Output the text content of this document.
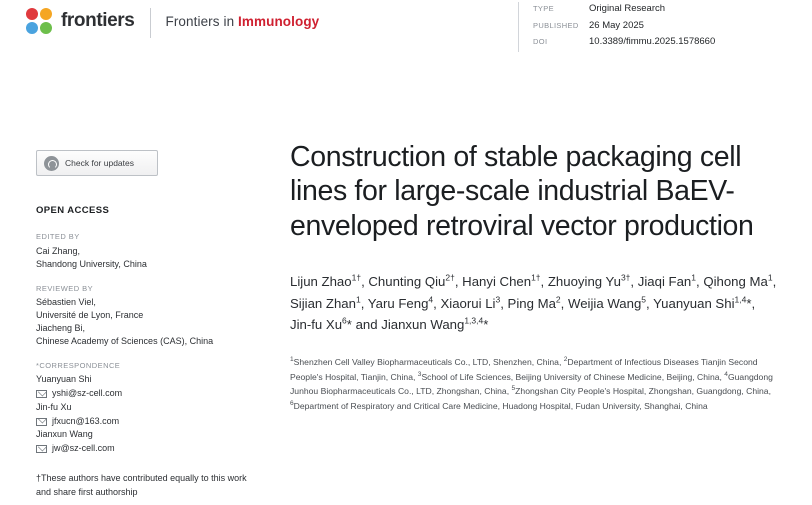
frontiers Frontiers in Immunology
TYPE	Original Research
PUBLISHED	26 May 2025
DOI	10.3389/fimmu.2025.1578660
Check for updates
OPEN ACCESS
EDITED BY
Cai Zhang,
Shandong University, China
REVIEWED BY
Sébastien Viel,
Université de Lyon, France
Jiacheng Bi,
Chinese Academy of Sciences (CAS), China
*CORRESPONDENCE
Yuanyuan Shi
yshi@sz-cell.com
Jin-fu Xu
jfxucn@163.com
Jianxun Wang
jw@sz-cell.com
†These authors have contributed equally to this work and share first authorship
Construction of stable packaging cell lines for large-scale industrial BaEV-enveloped retroviral vector production
Lijun Zhao$^{1\dagger}$, Chunting Qiu$^{2\dagger}$, Hanyi Chen$^{1\dagger}$, Zhuoying $Yu^{3\dagger}$, Jiaqi Fan$^1$, Qihong Ma$^1$, Sijian Zhan$^1$, Yaru Feng$^4$, Xiaorui Li$^3$, Ping Ma$^2$, Weijia Wang$^5$, Yuanyuan Shi$^{1,4}$*, Jin-fu Xu$^6$* and Jianxun Wang$^{1,3,4}$*
$^1$Shenzhen Cell Valley Biopharmaceuticals Co., LTD, Shenzhen, China, $^2$Department of Infectious Diseases Tianjin Second People's Hospital, Tianjin, China, $^3$School of Life Sciences, Beijing University of Chinese Medicine, Beijing, China, $^4$Guangdong Junhou Biopharmaceuticals Co., LTD, Zhongshan, China, $^5$Zhongshan City People's Hospital, Zhongshan, Guangdong, China, $^6$Department of Respiratory and Critical Care Medicine, Huadong Hospital, Fudan University, Shanghai, China
